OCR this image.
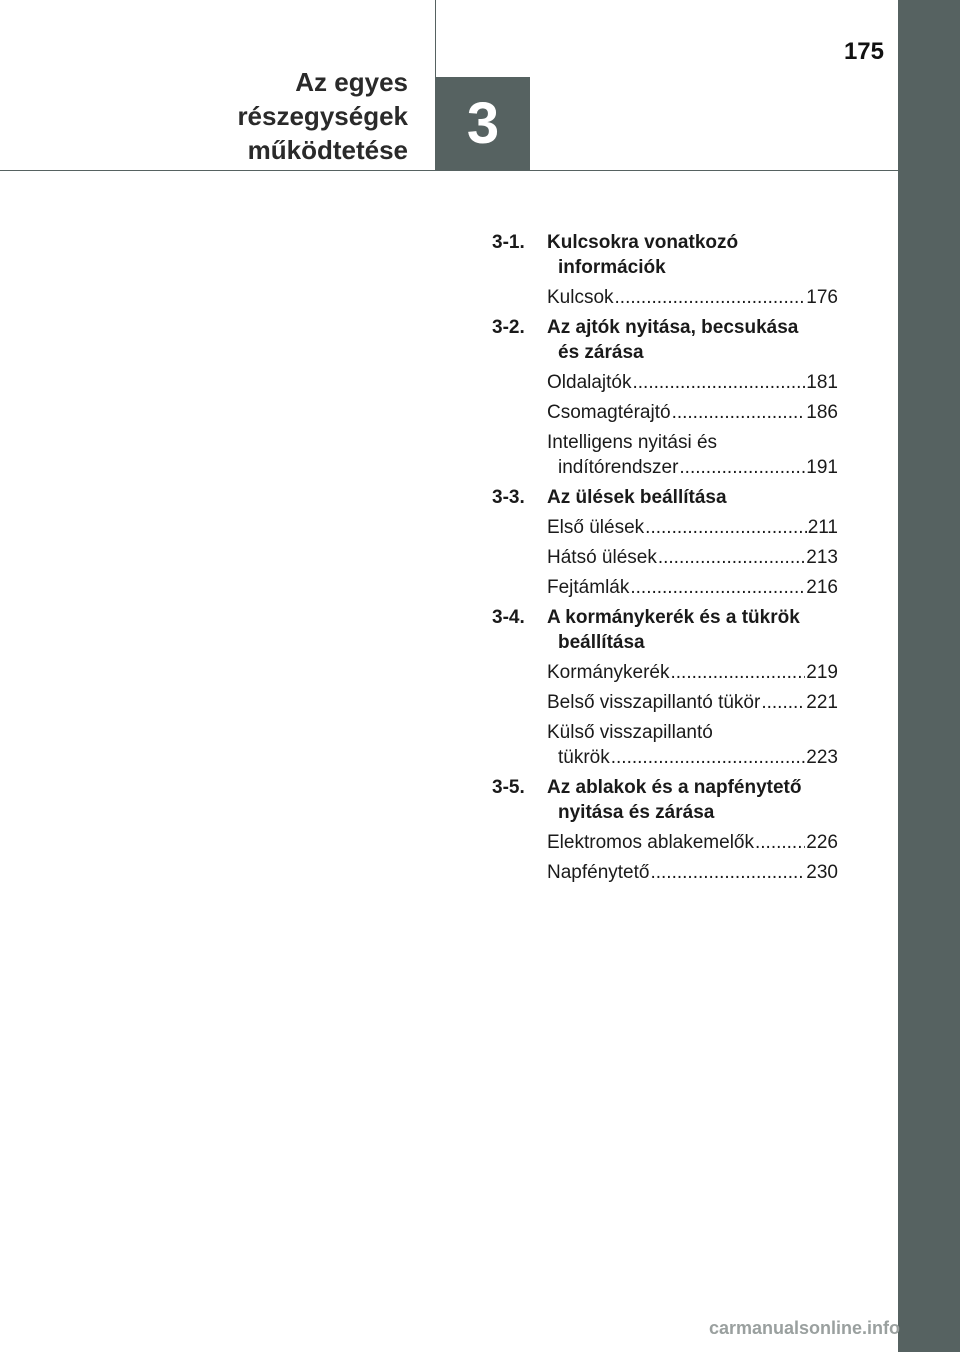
3
175
Az egyes
részegységek
működtetése
3-1.	Kulcsokra vonatkozó
információk
Kulcsok .....	176
3-2.	Az ajtók nyitása, becsukása
és zárása
Oldalajtók .....	181
Csomagtérajtó .....	186
Intelligens nyitási és
indítórendszer .....	191
3-3.	Az ülések beállítása
Első ülések .....	211
Hátsó ülések .....	213
Fejtámlák .....	216
3-4.	A kormánykerék és a tükrök
beállítása
Kormánykerék .....	219
Belső visszapillantó tükör ..... 221
Külső visszapillantó
tükrök .....	223
3-5.	Az ablakok és a napfénytető
nyitása és zárása
Elektromos ablakemelők .....	226
Napfénytető .....	230
carmanualsonline.info
